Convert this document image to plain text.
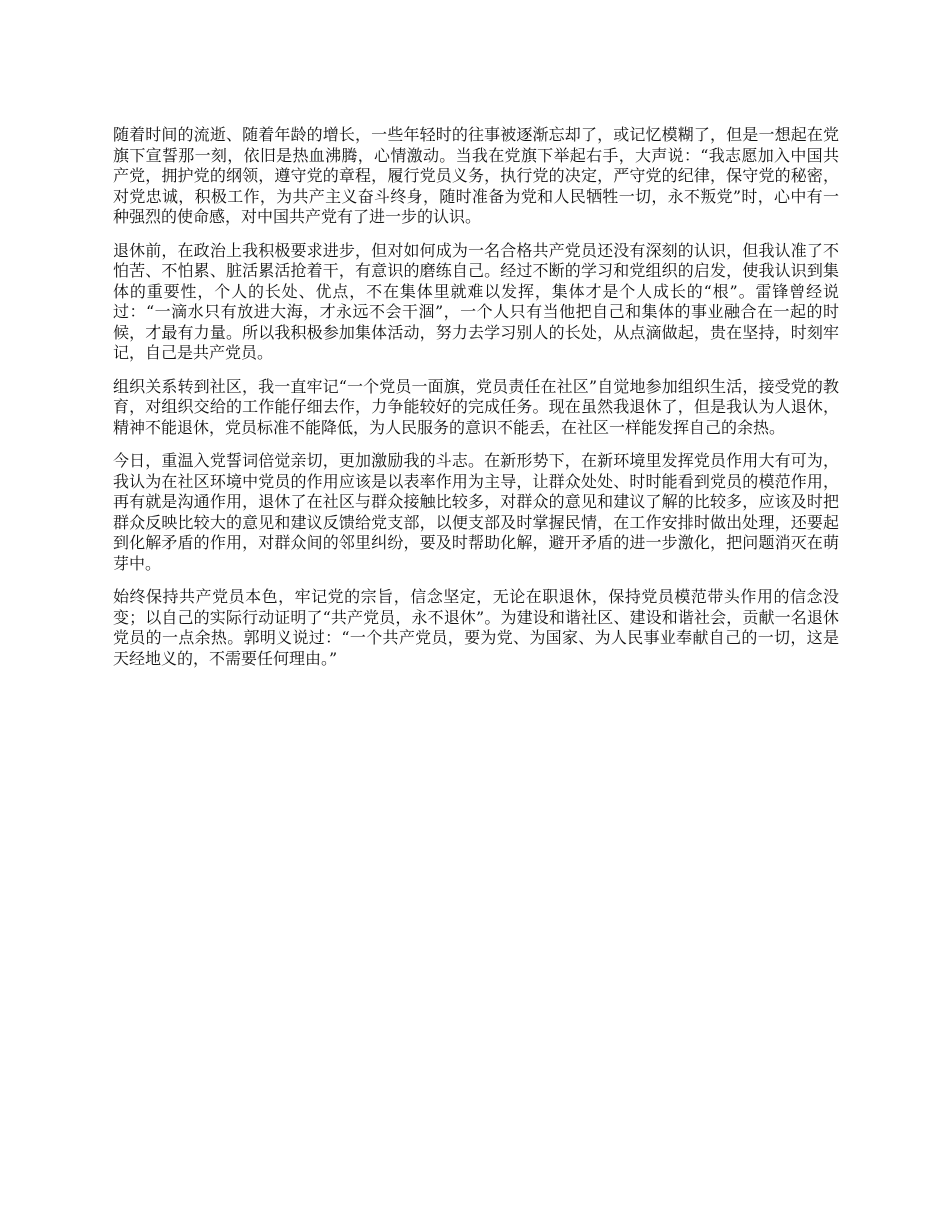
随着时间的流逝、随着年龄的增长，一些年轻时的往事被逐渐忘却了，或记忆模糊了，但是一想起在党旗下宣誓那一刻，依旧是热血沸腾，心情激动。当我在党旗下举起右手，大声说：“我志愿加入中国共产党，拥护党的纲领，遵守党的章程，履行党员义务，执行党的决定，严守党的纪律，保守党的秘密，对党忠诚，积极工作，为共产主义奋斗终身，随时准备为党和人民牺牲一切，永不叛党”时，心中有一种强烈的使命感，对中国共产党有了进一步的认识。

退休前，在政治上我积极要求进步，但对如何成为一名合格共产党员还没有深刻的认识，但我认准了不怕苦、不怕累、脏活累活抢着干，有意识的磨练自己。经过不断的学习和党组织的启发，使我认识到集体的重要性，个人的长处、优点，不在集体里就难以发挥，集体才是个人成长的“根”。雷锋曾经说过：“一滴水只有放进大海，才永远不会干涸”，一个人只有当他把自己和集体的事业融合在一起的时候，才最有力量。所以我积极参加集体活动，努力去学习别人的长处，从点滴做起，贵在坚持，时刻牢记，自己是共产党员。

组织关系转到社区，我一直牢记“一个党员一面旗，党员责任在社区”自觉地参加组织生活，接受党的教育，对组织交给的工作能仔细去作，力争能较好的完成任务。现在虽然我退休了，但是我认为人退休，精神不能退休，党员标准不能降低，为人民服务的意识不能丢，在社区一样能发挥自己的余热。

今日，重温入党誓词倍觉亲切，更加激励我的斗志。在新形势下，在新环境里发挥党员作用大有可为，我认为在社区环境中党员的作用应该是以表率作用为主导，让群众处处、时时能看到党员的模范作用，再有就是沟通作用，退休了在社区与群众接触比较多，对群众的意见和建议了解的比较多，应该及时把群众反映比较大的意见和建议反馈给党支部，以便支部及时掌握民情，在工作安排时做出处理，还要起到化解矛盾的作用，对群众间的邻里纠纷，要及时帮助化解，避开矛盾的进一步激化，把问题消灭在萌芽中。

始终保持共产党员本色，牢记党的宗旨，信念坚定，无论在职退休，保持党员模范带头作用的信念没变；以自己的实际行动证明了“共产党员，永不退休”。为建设和谐社区、建设和谐社会，贡献一名退休党员的一点余热。郭明义说过：“一个共产党员，要为党、为国家、为人民事业奉献自己的一切，这是天经地义的，不需要任何理由。”
